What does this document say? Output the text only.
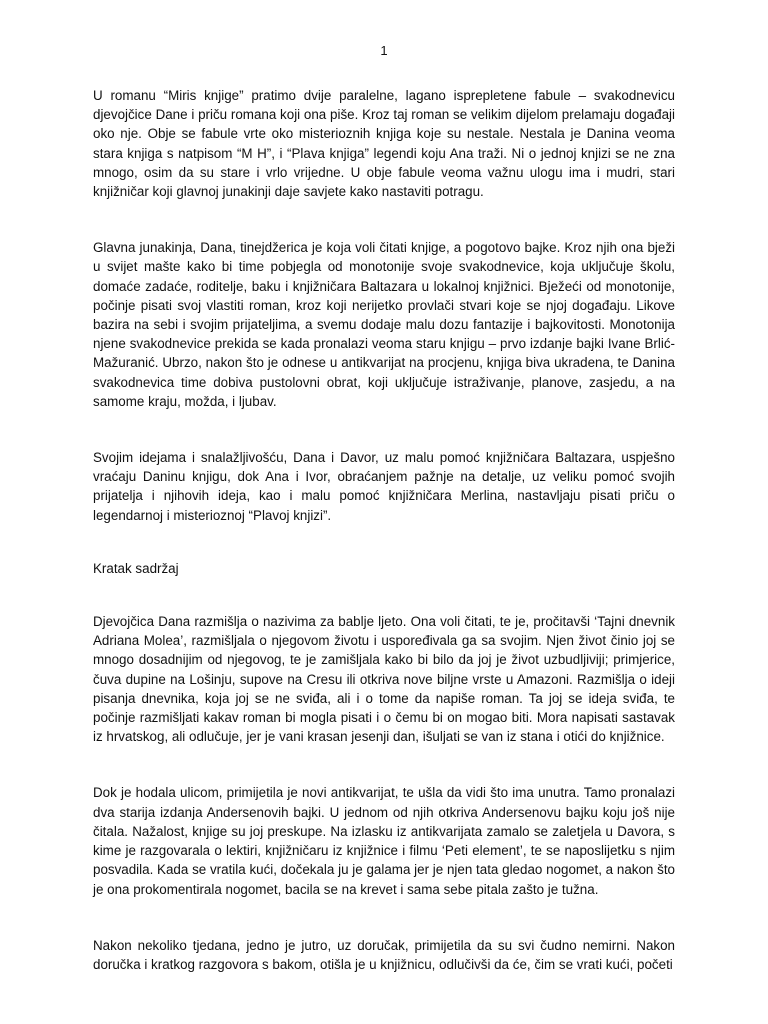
1

U romanu “Miris knjige” pratimo dvije paralelne, lagano isprepletene fabule – svakodnevicu djevojčice Dane i priču romana koji ona piše. Kroz taj roman se velikim dijelom prelamaju događaji oko nje. Obje se fabule vrte oko misterioznih knjiga koje su nestale. Nestala je Danina veoma stara knjiga s natpisom “M H”, i “Plava knjiga” legendi koju Ana traži. Ni o jednoj knjizi se ne zna mnogo, osim da su stare i vrlo vrijedne. U obje fabule veoma važnu ulogu ima i mudri, stari knjižničar koji glavnoj junakinji daje savjete kako nastaviti potragu.

Glavna junakinja, Dana, tinejdžerica je koja voli čitati knjige, a pogotovo bajke. Kroz njih ona bježi u svijet mašte kako bi time pobjegla od monotonije svoje svakodnevice, koja uključuje školu, domaće zadaće, roditelje, baku i knjižničara Baltazara u lokalnoj knjižnici. Bježeći od monotonije, počinje pisati svoj vlastiti roman, kroz koji nerijetko provlači stvari koje se njoj događaju. Likove bazira na sebi i svojim prijateljima, a svemu dodaje malu dozu fantazije i bajkovitosti. Monotonija njene svakodnevice prekida se kada pronalazi veoma staru knjigu – prvo izdanje bajki Ivane Brlić-Mažuranić. Ubrzo, nakon što je odnese u antikvarijat na procjenu, knjiga biva ukradena, te Danina svakodnevica time dobiva pustolovni obrat, koji uključuje istraživanje, planove, zasjedu, a na samome kraju, možda, i ljubav.

Svojim idejama i snalažljivošću, Dana i Davor, uz malu pomoć knjižničara Baltazara, uspješno vraćaju Daninu knjigu, dok Ana i Ivor, obraćanjem pažnje na detalje, uz veliku pomoć svojih prijatelja i njihovih ideja, kao i malu pomoć knjižničara Merlina, nastavljaju pisati priču o legendarnoj i misterioznoj “Plavoj knjizi”.

Kratak sadržaj

Djevojčica Dana razmišlja o nazivima za bablje ljeto. Ona voli čitati, te je, pročitavši ‘Tajni dnevnik Adriana Molea’, razmišljala o njegovom životu i uspoređivala ga sa svojim. Njen život činio joj se mnogo dosadnijim od njegovog, te je zamišljala kako bi bilo da joj je život uzbudljiviji; primjerice, čuva dupine na Lošinju, supove na Cresu ili otkriva nove biljne vrste u Amazoni. Razmišlja o ideji pisanja dnevnika, koja joj se ne sviđa, ali i o tome da napiše roman. Ta joj se ideja sviđa, te počinje razmišljati kakav roman bi mogla pisati i o čemu bi on mogao biti. Mora napisati sastavak iz hrvatskog, ali odlučuje, jer je vani krasan jesenji dan, išuljati se van iz stana i otići do knjižnice.

Dok je hodala ulicom, primijetila je novi antikvarijat, te ušla da vidi što ima unutra. Tamo pronalazi dva starija izdanja Andersenovih bajki. U jednom od njih otkriva Andersenovu bajku koju još nije čitala. Nažalost, knjige su joj preskupe. Na izlasku iz antikvarijata zamalo se zaletjela u Davora, s kime je razgovarala o lektiri, knjižničaru iz knjižnice i filmu ‘Peti element’, te se naposlijetku s njim posvadila. Kada se vratila kući, dočekala ju je galama jer je njen tata gledao nogomet, a nakon što je ona prokomentirala nogomet, bacila se na krevet i sama sebe pitala zašto je tužna.

Nakon nekoliko tjedana, jedno je jutro, uz doručak, primijetila da su svi čudno nemirni. Nakon doručka i kratkog razgovora s bakom, otišla je u knjižnicu, odlučivši da će, čim se vrati kući, početi
